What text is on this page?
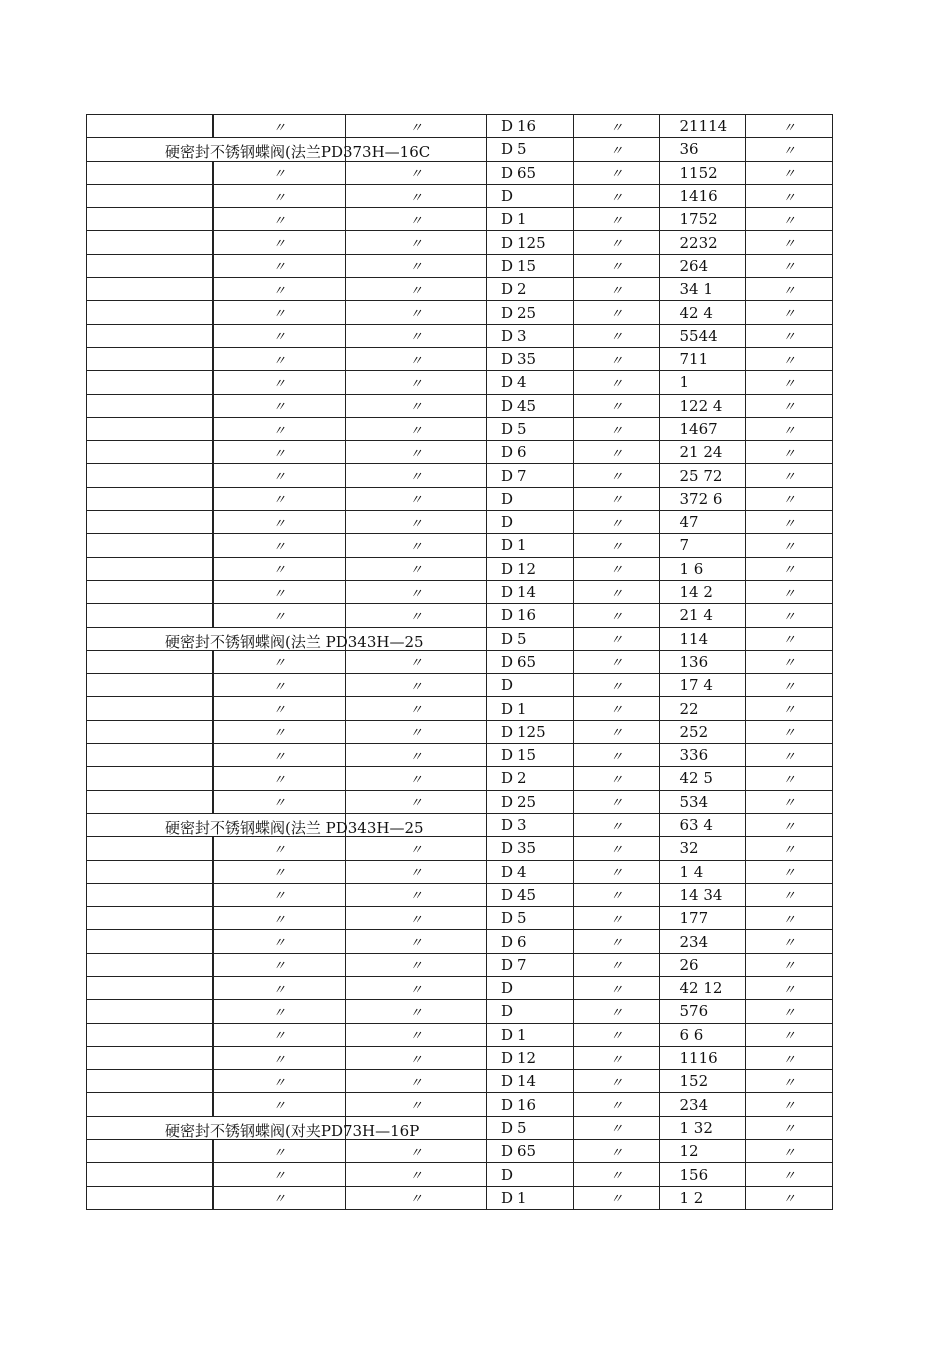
	〃	〃	D 16	〃	21114	〃

硬密封不锈钢蝶阀(法兰PD373H—16C			D 5	〃	36	〃

	〃	〃	D 65	〃	1152	〃

	〃	〃	D	〃	1416	〃

	〃	〃	D 1	〃	1752	〃

	〃	〃	D 125	〃	2232	〃

	〃	〃	D 15	〃	264	〃

	〃	〃	D 2	〃	34 1	〃

	〃	〃	D 25	〃	42 4	〃

	〃	〃	D 3	〃	5544	〃

	〃	〃	D 35	〃	711	〃

	〃	〃	D 4	〃	1	〃

	〃	〃	D 45	〃	122 4	〃

	〃	〃	D 5	〃	1467	〃

	〃	〃	D 6	〃	21 24	〃

	〃	〃	D 7	〃	25 72	〃

	〃	〃	D	〃	372 6	〃

	〃	〃	D	〃	47	〃

	〃	〃	D 1	〃	7	〃

	〃	〃	D 12	〃	1 6	〃

	〃	〃	D 14	〃	14 2	〃

	〃	〃	D 16	〃	21 4	〃

硬密封不锈钢蝶阀(法兰 PD343H—25			D 5	〃	114	〃

	〃	〃	D 65	〃	136	〃

	〃	〃	D	〃	17 4	〃

	〃	〃	D 1	〃	22	〃

	〃	〃	D 125	〃	252	〃

	〃	〃	D 15	〃	336	〃

	〃	〃	D 2	〃	42 5	〃

	〃	〃	D 25	〃	534	〃

硬密封不锈钢蝶阀(法兰 PD343H—25			D 3	〃	63 4	〃

	〃	〃	D 35	〃	32	〃

	〃	〃	D 4	〃	1 4	〃

	〃	〃	D 45	〃	14 34	〃

	〃	〃	D 5	〃	177	〃

	〃	〃	D 6	〃	234	〃

	〃	〃	D 7	〃	26	〃

	〃	〃	D	〃	42 12	〃

	〃	〃	D	〃	576	〃

	〃	〃	D 1	〃	6 6	〃

	〃	〃	D 12	〃	1116	〃

	〃	〃	D 14	〃	152	〃

	〃	〃	D 16	〃	234	〃

硬密封不锈钢蝶阀(对夹PD73H—16P			D 5	〃	1 32	〃

	〃	〃	D 65	〃	12	〃

	〃	〃	D	〃	156	〃

	〃	〃	D 1	〃	1 2	〃
